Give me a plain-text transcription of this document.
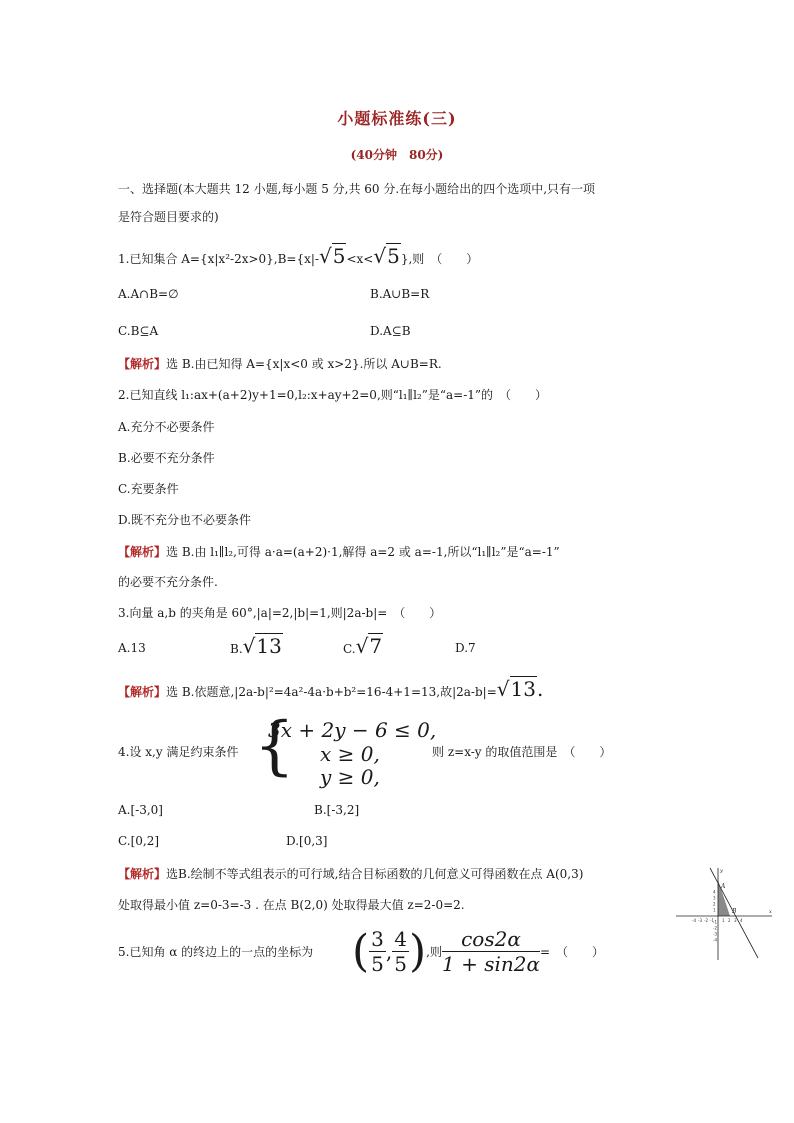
小题标准练(三)
(40分钟　80分)
一、选择题(本大题共 12 小题,每小题 5 分,共 60 分.在每小题给出的四个选项中,只有一项
是符合题目要求的)
1.已知集合 A={x|x²-2x>0},B={x|-√5<x<√5},则　（　　）
A.A∩B=∅	B.A∪B=R
C.B⊆A	D.A⊆B
【解析】选 B.由已知得 A={x|x<0 或 x>2}.所以 A∪B=R.
2.已知直线 l₁:ax+(a+2)y+1=0,l₂:x+ay+2=0,则“l₁∥l₂”是“a=-1”的　（　　）
A.充分不必要条件
B.必要不充分条件
C.充要条件
D.既不充分也不必要条件
【解析】选 B.由 l₁∥l₂,可得 a·a=(a+2)·1,解得 a=2 或 a=-1,所以“l₁∥l₂”是“a=-1”
的必要不充分条件.
3.向量 a,b 的夹角是 60°,|a|=2,|b|=1,则|2a-b|=　（　　）
A.13	B.√13	C.√7	D.7
【解析】选 B.依题意,|2a-b|²=4a²-4a·b+b²=16-4+1=13,故|2a-b|=√13.
4.设 x,y 满足约束条件 {
3x + 2y − 6 ≤ 0,
x ≥ 0,
y ≥ 0,
则 z=x-y 的取值范围是　（　　）
A.[-3,0]	B.[-3,2]
C.[0,2]	D.[0,3]
【解析】选B.绘制不等式组表示的可行域,结合目标函数的几何意义可得函数在点 A(0,3)
处取得最小值 z=0-3=-3 . 在点 B(2,0) 处取得最大值 z=2-0=2.
-4 -3 -2 -1 1 2 3 4
4
3
2
1
-1
-2
-3
-4
A
B	x
y
5.已知角 α 的终边上的一点的坐标为 ( $\frac{3}{5}$ , $\frac{4}{5}$ ),则 $\frac{\cos 2\alpha}{1 + \sin 2\alpha}$ =　（　　）
